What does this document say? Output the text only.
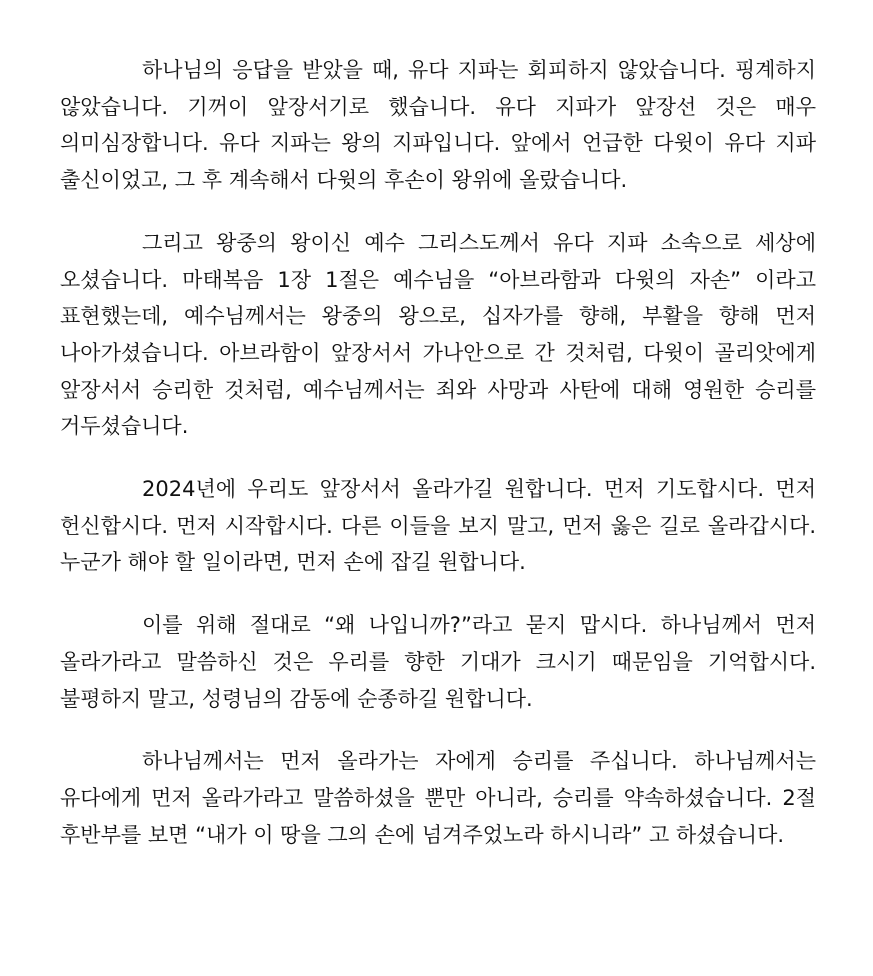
하나님의 응답을 받았을 때, 유다 지파는 회피하지 않았습니다. 핑계하지 않았습니다. 기꺼이 앞장서기로 했습니다. 유다 지파가 앞장선 것은 매우 의미심장합니다. 유다 지파는 왕의 지파입니다. 앞에서 언급한 다윗이 유다 지파 출신이었고, 그 후 계속해서 다윗의 후손이 왕위에 올랐습니다.

그리고 왕중의 왕이신 예수 그리스도께서 유다 지파 소속으로 세상에 오셨습니다. 마태복음 1장 1절은 예수님을 “아브라함과 다윗의 자손” 이라고 표현했는데, 예수님께서는 왕중의 왕으로, 십자가를 향해, 부활을 향해 먼저 나아가셨습니다. 아브라함이 앞장서서 가나안으로 간 것처럼, 다윗이 골리앗에게 앞장서서 승리한 것처럼, 예수님께서는 죄와 사망과 사탄에 대해 영원한 승리를 거두셨습니다.

2024년에 우리도 앞장서서 올라가길 원합니다. 먼저 기도합시다. 먼저 헌신합시다. 먼저 시작합시다. 다른 이들을 보지 말고, 먼저 옳은 길로 올라갑시다. 누군가 해야 할 일이라면, 먼저 손에 잡길 원합니다.

이를 위해 절대로 “왜 나입니까?”라고 묻지 맙시다. 하나님께서 먼저 올라가라고 말씀하신 것은 우리를 향한 기대가 크시기 때문임을 기억합시다. 불평하지 말고, 성령님의 감동에 순종하길 원합니다.

하나님께서는 먼저 올라가는 자에게 승리를 주십니다. 하나님께서는 유다에게 먼저 올라가라고 말씀하셨을 뿐만 아니라, 승리를 약속하셨습니다. 2절 후반부를 보면 “내가 이 땅을 그의 손에 넘겨주었노라 하시니라” 고 하셨습니다.
